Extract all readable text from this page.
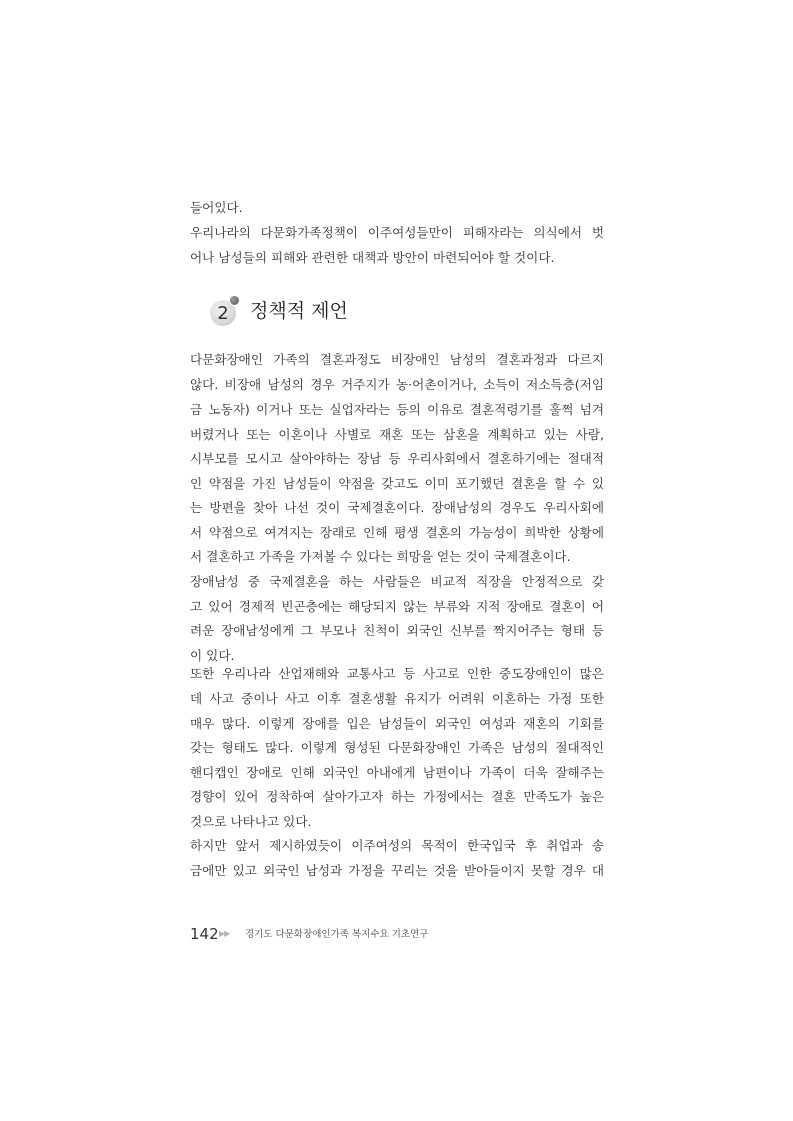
들어있다.

우리나라의 다문화가족정책이 이주여성들만이 피해자라는 의식에서 벗

어나 남성들의 피해와 관련한 대책과 방안이 마련되어야 할 것이다.

2	정책적 제언

다문화장애인 가족의 결혼과정도 비장애인 남성의 결혼과정과 다르지

않다. 비장애 남성의 경우 거주지가 농·어촌이거나, 소득이 저소득층(저임

금 노동자) 이거나 또는 실업자라는 등의 이유로 결혼적령기를 훌쩍 넘겨

버렸거나 또는 이혼이나 사별로 재혼 또는 삼혼을 계획하고 있는 사람,

시부모를 모시고 살아야하는 장남 등 우리사회에서 결혼하기에는 절대적

인 약점을 가진 남성들이 약점을 갖고도 이미 포기했던 결혼을 할 수 있

는 방편을 찾아 나선 것이 국제결혼이다. 장애남성의 경우도 우리사회에

서 약점으로 여겨지는 장래로 인해 평생 결혼의 가능성이 희박한 상황에

서 결혼하고 가족을 가져볼 수 있다는 희망을 얻는 것이 국제결혼이다.

장애남성 중 국제결혼을 하는 사람들은 비교적 직장을 안정적으로 갖

고 있어 경제적 빈곤층에는 해당되지 않는 부류와 지적 장애로 결혼이 어

려운 장애남성에게 그 부모나 친척이 외국인 신부를 짝지어주는 형태 등

이 있다.

또한 우리나라 산업재해와 교통사고 등 사고로 인한 중도장애인이 많은

데 사고 중이나 사고 이후 결혼생활 유지가 어려워 이혼하는 가정 또한

매우 많다. 이렇게 장애를 입은 남성들이 외국인 여성과 재혼의 기회를

갖는 형태도 많다. 이렇게 형성된 다문화장애인 가족은 남성의 절대적인

핸디캡인 장애로 인해 외국인 아내에게 남편이나 가족이 더욱 잘해주는

경향이 있어 정착하여 살아가고자 하는 가정에서는 결혼 만족도가 높은

것으로 나타나고 있다.

하지만 앞서 제시하였듯이 이주여성의 목적이 한국입국 후 취업과 송

금에만 있고 외국인 남성과 가정을 꾸리는 것을 받아들이지 못할 경우 대

142 ▶▶ 경기도 다문화장애인가족 복지수요 기초연구
